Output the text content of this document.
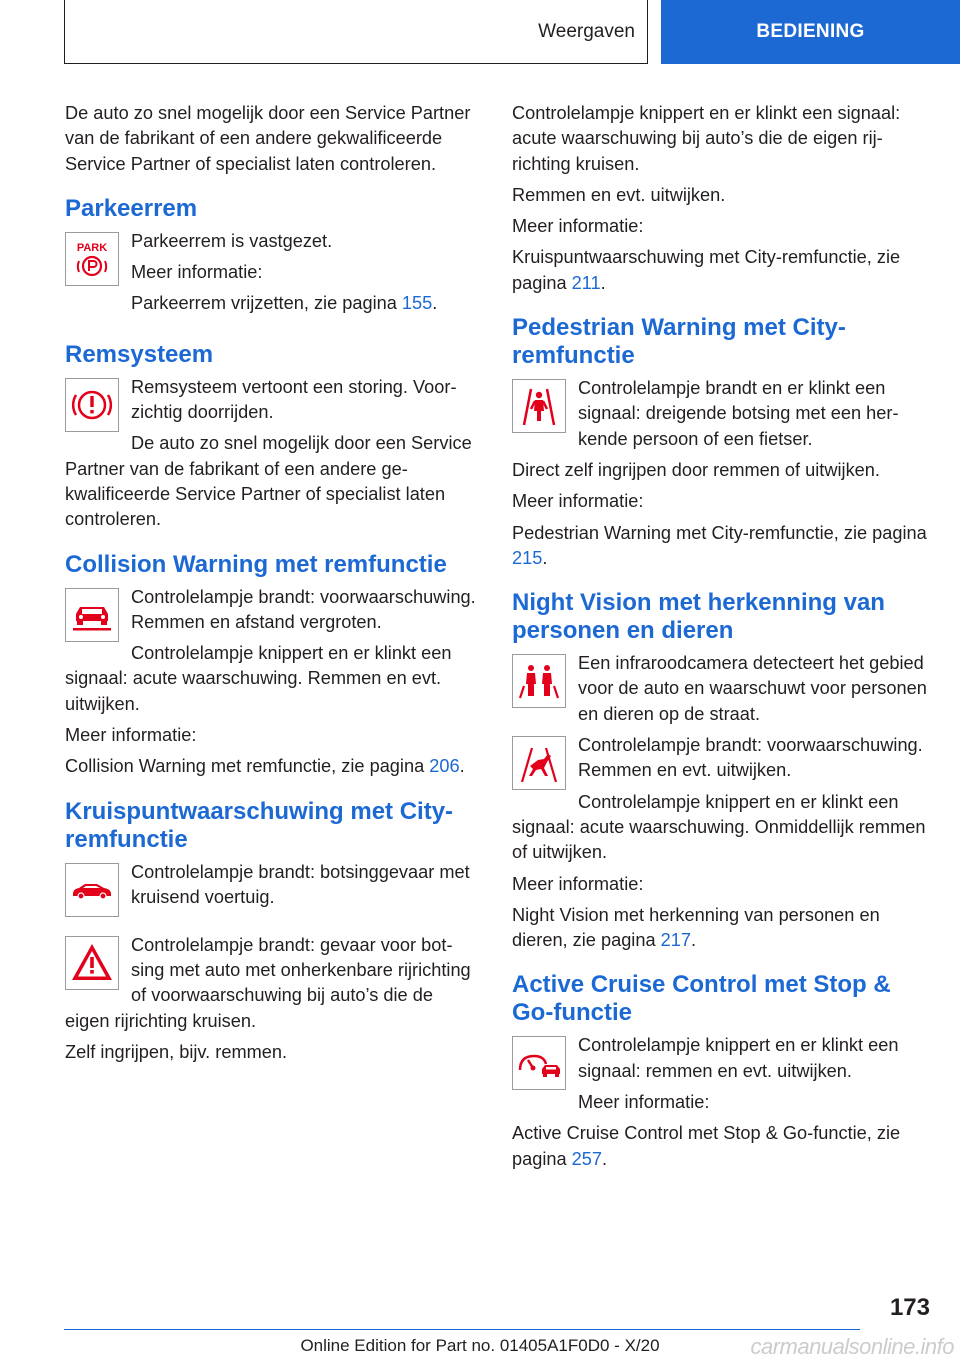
Weergaven	BEDIENING

De auto zo snel mogelijk door een Service Partner van de fabrikant of een andere gekwalificeerde Service Partner of specialist laten controleren.

Parkeerrem
PARK	Parkeerrem is vastgezet.

Meer informatie:

Parkeerrem vrijzetten, zie pagina 155.

Remsysteem

Remsysteem vertoont een storing. Voorzichtig doorrijden.

De auto zo snel mogelijk door een Service Partner van de fabrikant of een andere gekwalificeerde Service Partner of specialist laten controleren.

Collision Warning met remfunctie

Controlelampje brandt: voorwaarschuwing. Remmen en afstand vergroten.

Controlelampje knippert en er klinkt een signaal: acute waarschuwing. Remmen en evt. uitwijken.

Meer informatie:

Collision Warning met remfunctie, zie pagina 206.

Kruispuntwaarschuwing met City-remfunctie

Controlelampje brandt: botsinggevaar met kruisend voertuig.

Controlelampje brandt: gevaar voor botsing met auto met onherkenbare rijrichting of voorwaarschuwing bij auto’s die de eigen rijrichting kruisen.

Zelf ingrijpen, bijv. remmen.

Controlelampje knippert en er klinkt een signaal: acute waarschuwing bij auto’s die de eigen rijrichting kruisen.

Remmen en evt. uitwijken.

Meer informatie:

Kruispuntwaarschuwing met City-remfunctie, zie pagina 211.

Pedestrian Warning met City-remfunctie

Controlelampje brandt en er klinkt een signaal: dreigende botsing met een herkende persoon of een fietser.

Direct zelf ingrijpen door remmen of uitwijken.

Meer informatie:

Pedestrian Warning met City-remfunctie, zie pagina 215.

Night Vision met herkenning van personen en dieren

Een infraroodcamera detecteert het gebied voor de auto en waarschuwt voor personen en dieren op de straat.

Controlelampje brandt: voorwaarschuwing. Remmen en evt. uitwijken.

Controlelampje knippert en er klinkt een signaal: acute waarschuwing. Onmiddellijk remmen of uitwijken.

Meer informatie:

Night Vision met herkenning van personen en dieren, zie pagina 217.

Active Cruise Control met Stop & Go-functie

Controlelampje knippert en er klinkt een signaal: remmen en evt. uitwijken.

Meer informatie:

Active Cruise Control met Stop & Go-functie, zie pagina 257.

173
Online Edition for Part no. 01405A1F0D0 - X/20	carmanualsonline.info
